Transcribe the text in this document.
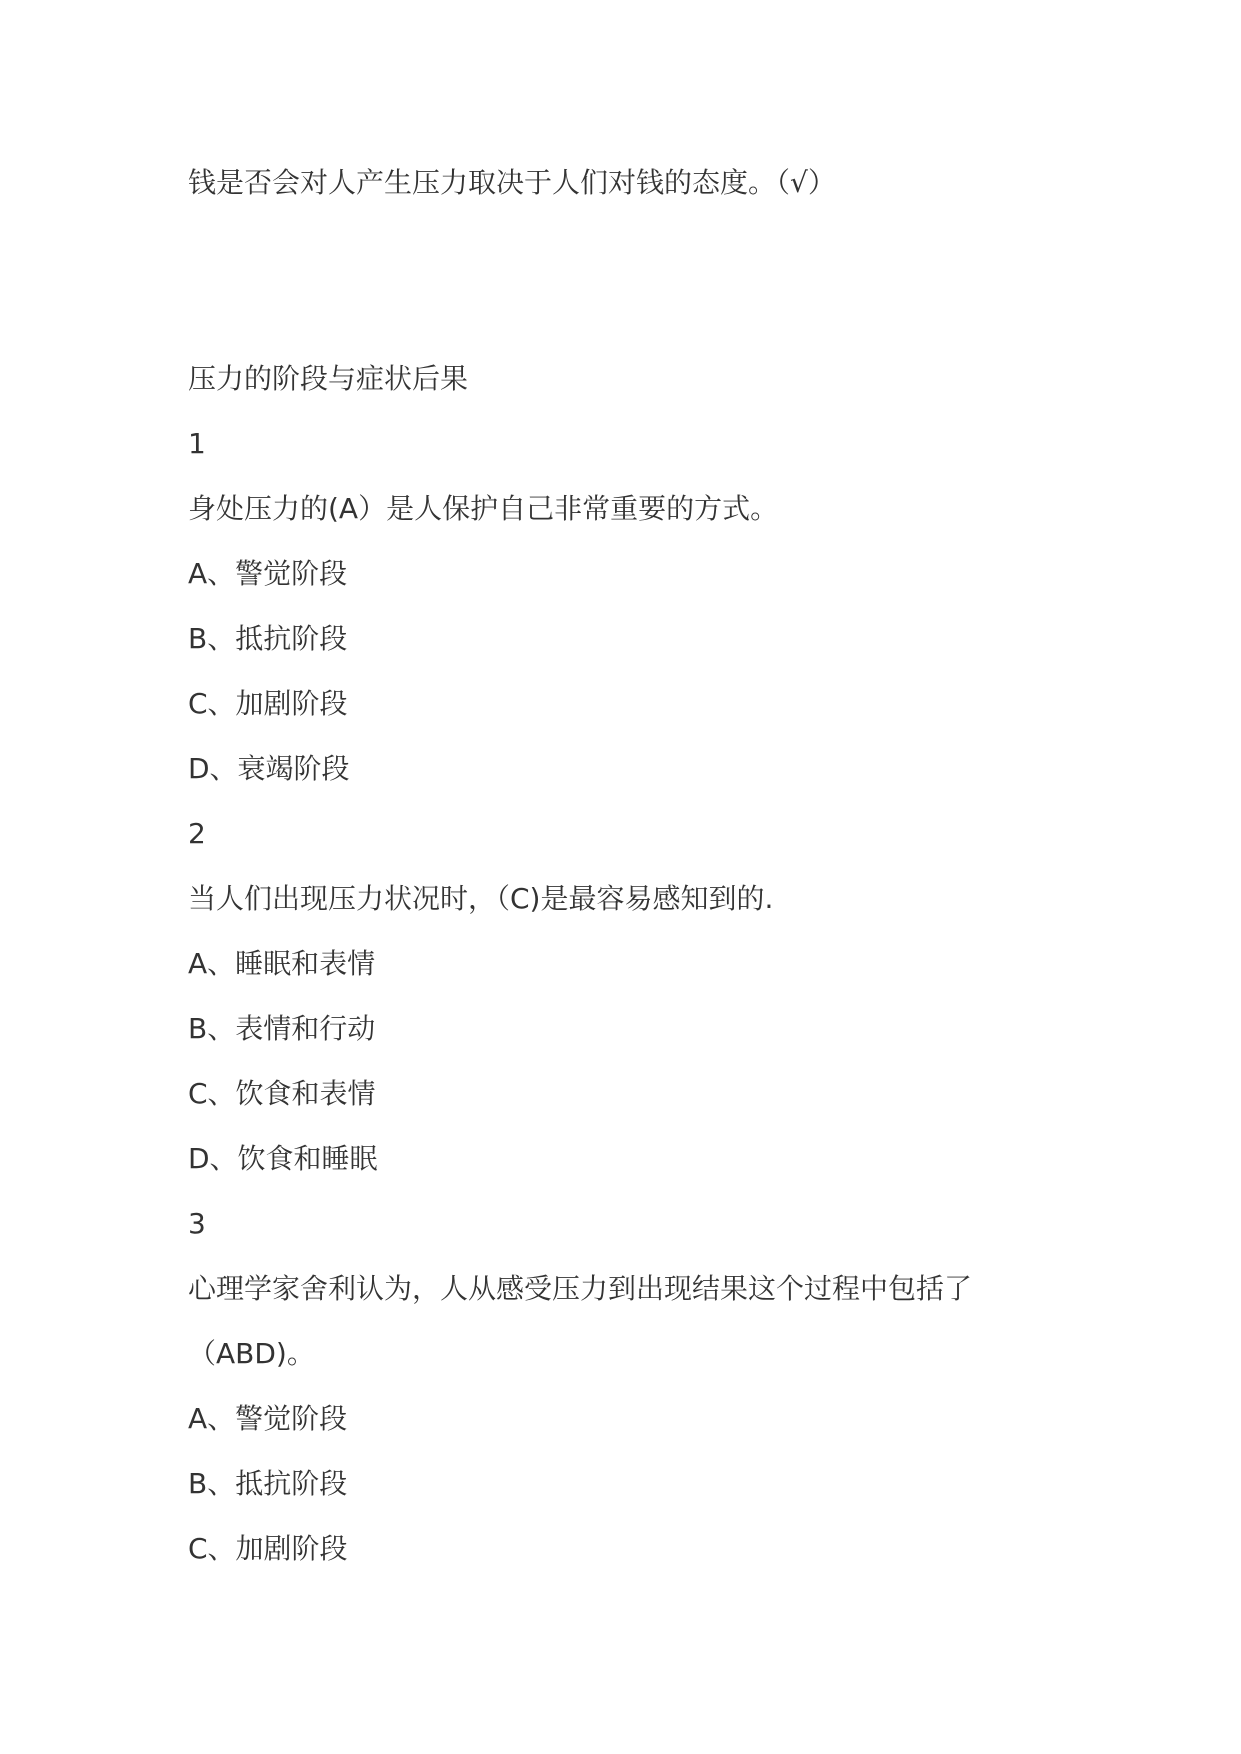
钱是否会对人产生压力取决于人们对钱的态度。（√）

压力的阶段与症状后果

1

身处压力的(A）是人保护自己非常重要的方式。

A、警觉阶段

B、抵抗阶段

C、加剧阶段

D、衰竭阶段

2

当人们出现压力状况时，（C)是最容易感知到的.

A、睡眠和表情

B、表情和行动

C、饮食和表情

D、饮食和睡眠

3

心理学家舍利认为，人从感受压力到出现结果这个过程中包括了

（ABD)。

A、警觉阶段

B、抵抗阶段

C、加剧阶段
